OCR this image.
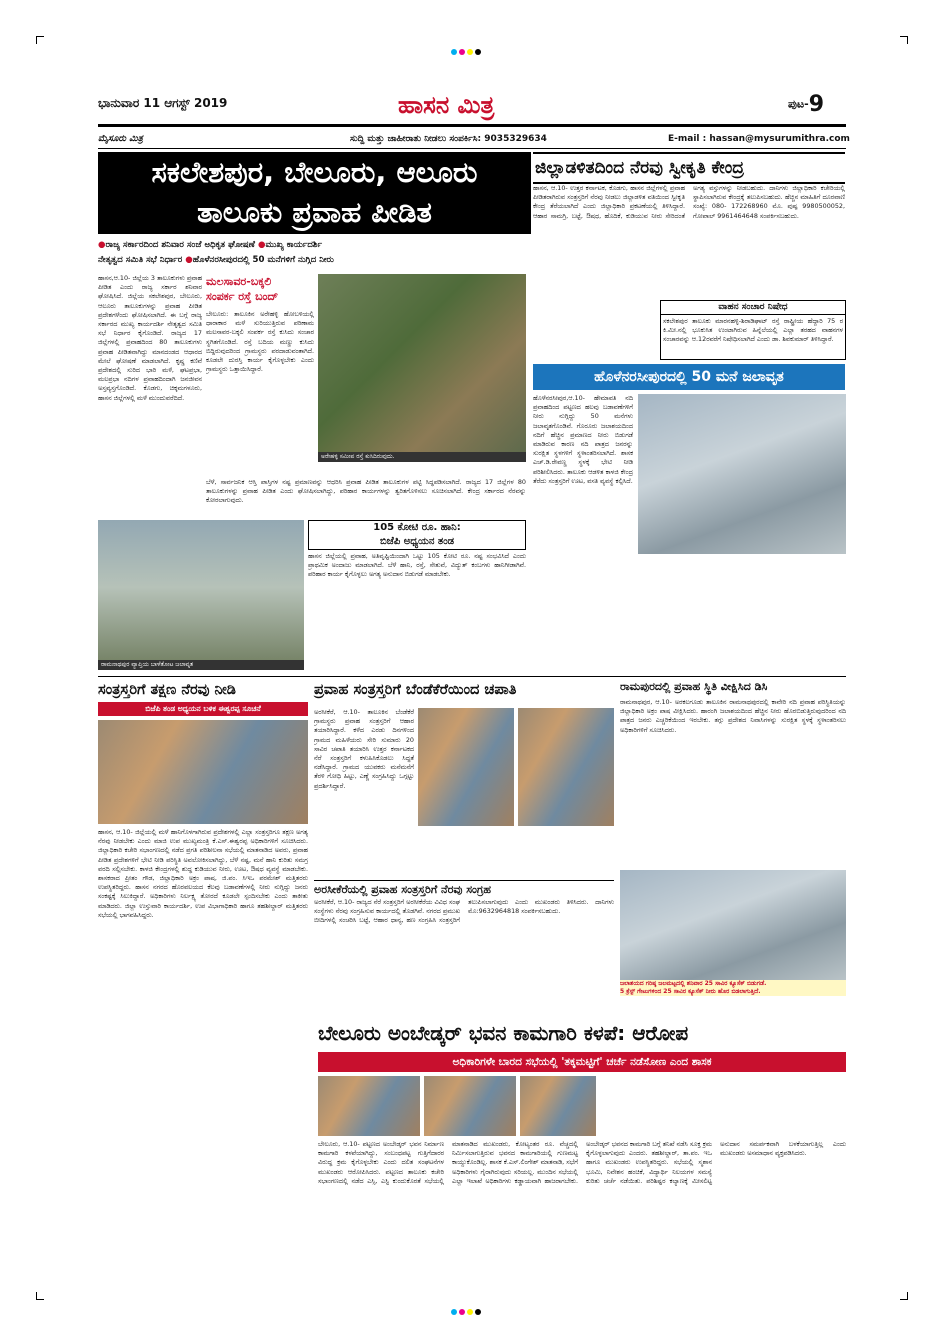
ಭಾನುವಾರ 11 ಆಗಸ್ಟ್ 2019	ಹಾಸನ ಮಿತ್ರ	ಪುಟ-9
ಮೈಸೂರು ಮಿತ್ರ	ಸುದ್ದಿ ಮತ್ತು ಜಾಹೀರಾತು ನೀಡಲು ಸಂಪರ್ಕಿಸಿ: 9035329634	E-mail : hassan@mysurumithra.com
ಸಕಲೇಶಪುರ, ಬೇಲೂರು, ಆಲೂರು
ತಾಲೂಕು ಪ್ರವಾಹ ಪೀಡಿತ
●ರಾಜ್ಯ ಸರ್ಕಾರದಿಂದ ಶನಿವಾರ ಸಂಜೆ ಅಧಿಕೃತ ಘೋಷಣೆ ●ಮುಖ್ಯ ಕಾರ್ಯದರ್ಶಿ
ನೇತೃತ್ವದ ಸಮಿತಿ ಸಭೆ ನಿರ್ಧಾರ ●ಹೊಳೆನರಸೀಪುರದಲ್ಲಿ 50 ಮನೆಗಳಿಗೆ ನುಗ್ಗಿದ ನೀರು
ಹಾಸನ,ಆ.10- ಜಿಲ್ಲೆಯ 3 ತಾಲೂಕುಗಳು ಪ್ರವಾಹ ಪೀಡಿತ ಎಂದು ರಾಜ್ಯ ಸರ್ಕಾರ ಶನಿವಾರ ಘೋಷಿಸಿದೆ. ಜಿಲ್ಲೆಯ ಸಕಲೇಶಪುರ, ಬೇಲೂರು, ಆಲೂರು ತಾಲೂಕುಗಳನ್ನು ಪ್ರವಾಹ ಪೀಡಿತ ಪ್ರದೇಶಗಳೆಂದು ಘೋಷಿಸಲಾಗಿದೆ. ಈ ಬಗ್ಗೆ ರಾಜ್ಯ ಸರ್ಕಾರದ ಮುಖ್ಯ ಕಾರ್ಯದರ್ಶಿ ನೇತೃತ್ವದ ಸಮಿತಿ ಸಭೆ ನಿರ್ಧಾರ ಕೈಗೊಂಡಿದೆ. ರಾಜ್ಯದ 17 ಜಿಲ್ಲೆಗಳಲ್ಲಿ ಪ್ರವಾಹದಿಂದ 80 ತಾಲೂಕುಗಳು ಪ್ರವಾಹ ಪೀಡಿತವಾಗಿದ್ದು ಮಾನದಂಡದ ಆಧಾರದ ಮೇಲೆ ಘೋಷಣೆ ಮಾಡಲಾಗಿದೆ. ಕೃಷ್ಣ ಕಣಿವೆ ಪ್ರದೇಶದಲ್ಲಿ ಸುರಿದ ಭಾರಿ ಮಳೆ, ಘಟಪ್ರಭಾ, ಮಲಪ್ರಭಾ ನದಿಗಳ ಪ್ರವಾಹದಿಂದಾಗಿ ಜನಜೀವನ ಅಸ್ತವ್ಯಸ್ತಗೊಂಡಿದೆ. ಕೊಡಗು, ಚಿಕ್ಕಮಗಳೂರು, ಹಾಸನ ಜಿಲ್ಲೆಗಳಲ್ಲಿ ಮಳೆ ಮುಂದುವರೆದಿದೆ.
ಮಲಸಾವರ-ಬಕ್ಕಲಿ
ಸಂಪರ್ಕ ರಸ್ತೆ ಬಂದ್
ಬೇಲೂರು: ತಾಲೂಕಿನ ಅರೇಹಳ್ಳಿ ಹೋಬಳಿಯಲ್ಲಿ ಧಾರಾಕಾರ ಮಳೆ ಸುರಿಯುತ್ತಿರುವ ಪರಿಣಾಮ ಮಲಸಾವರ-ಬಕ್ಕಲಿ ಸಂಪರ್ಕ ರಸ್ತೆ ಕುಸಿದು ಸಂಚಾರ ಸ್ಥಗಿತಗೊಂಡಿದೆ. ರಸ್ತೆ ಬದಿಯ ಮಣ್ಣು ಕುಸಿದು ಬಿದ್ದಿರುವುದರಿಂದ ಗ್ರಾಮಸ್ಥರು ಪರದಾಡುವಂತಾಗಿದೆ. ಕೂಡಲೇ ದುರಸ್ತಿ ಕಾರ್ಯ ಕೈಗೊಳ್ಳಬೇಕು ಎಂದು ಗ್ರಾಮಸ್ಥರು ಒತ್ತಾಯಿಸಿದ್ದಾರೆ.
ಅರೇಹಳ್ಳಿ ಸಮೀಪ ರಸ್ತೆ ಕುಸಿದಿರುವುದು.
ಬೆಳೆ, ಸಾರ್ವಜನಿಕ ಆಸ್ತಿ ಪಾಸ್ತಿಗಳ ನಷ್ಟ ಪ್ರಮಾಣವನ್ನು ಆಧರಿಸಿ ಪ್ರವಾಹ ಪೀಡಿತ ತಾಲೂಕುಗಳ ಪಟ್ಟಿ ಸಿದ್ಧಪಡಿಸಲಾಗಿದೆ. ರಾಜ್ಯದ 17 ಜಿಲ್ಲೆಗಳ 80 ತಾಲೂಕುಗಳನ್ನು ಪ್ರವಾಹ ಪೀಡಿತ ಎಂದು ಘೋಷಿಸಲಾಗಿದ್ದು, ಪರಿಹಾರ ಕಾರ್ಯಗಳನ್ನು ತ್ವರಿತಗೊಳಿಸಲು ಸೂಚಿಸಲಾಗಿದೆ. ಕೇಂದ್ರ ಸರ್ಕಾರದ ನೆರವನ್ನು ಕೋರಲಾಗುವುದು.
ರಾಮನಾಥಪುರ ವ್ಯಾಪ್ತಿಯ ಬಾಳೆತೋಟ ಜಲಾವೃತ
105 ಕೋಟಿ ರೂ. ಹಾನಿ:
ಬಿಜೆಪಿ ಅಧ್ಯಯನ ತಂಡ
ಹಾಸನ ಜಿಲ್ಲೆಯಲ್ಲಿ ಪ್ರವಾಹ, ಅತಿವೃಷ್ಟಿಯಿಂದಾಗಿ ಒಟ್ಟು 105 ಕೋಟಿ ರೂ. ನಷ್ಟ ಸಂಭವಿಸಿದೆ ಎಂದು ಪ್ರಾಥಮಿಕ ಅಂದಾಜು ಮಾಡಲಾಗಿದೆ. ಬೆಳೆ ಹಾನಿ, ರಸ್ತೆ, ಸೇತುವೆ, ವಿದ್ಯುತ್ ಕಂಬಗಳು ಹಾನಿಗೀಡಾಗಿವೆ. ಪರಿಹಾರ ಕಾರ್ಯ ಕೈಗೊಳ್ಳಲು ಅಗತ್ಯ ಅನುದಾನ ಬಿಡುಗಡೆ ಮಾಡಬೇಕು.
ಜಿಲ್ಲಾಡಳಿತದಿಂದ ನೆರವು ಸ್ವೀಕೃತಿ ಕೇಂದ್ರ
ಹಾಸನ, ಆ.10- ಉತ್ತರ ಕರ್ನಾಟಕ, ಕೊಡಗು, ಹಾಸನ ಜಿಲ್ಲೆಗಳಲ್ಲಿ ಪ್ರವಾಹ ಪೀಡಿತರಾಗಿರುವ ಸಂತ್ರಸ್ತರಿಗೆ ನೆರವು ನೀಡಲು ಜಿಲ್ಲಾಡಳಿತ ವತಿಯಿಂದ ಸ್ವೀಕೃತಿ ಕೇಂದ್ರ ತೆರೆಯಲಾಗಿದೆ ಎಂದು ಜಿಲ್ಲಾಧಿಕಾರಿ ಪ್ರಕಟಣೆಯಲ್ಲಿ ತಿಳಿಸಿದ್ದಾರೆ. ಆಹಾರ ಸಾಮಗ್ರಿ, ಬಟ್ಟೆ, ಔಷಧ, ಹೊದಿಕೆ, ಕುಡಿಯುವ ನೀರು ಸೇರಿದಂತೆ ಅಗತ್ಯ ವಸ್ತುಗಳನ್ನು ನೀಡಬಹುದು. ದಾನಿಗಳು ಜಿಲ್ಲಾಧಿಕಾರಿ ಕಚೇರಿಯಲ್ಲಿ ಸ್ಥಾಪಿಸಲಾಗಿರುವ ಕೇಂದ್ರಕ್ಕೆ ತಲುಪಿಸಬಹುದು. ಹೆಚ್ಚಿನ ಮಾಹಿತಿಗೆ ದೂರವಾಣಿ ಸಂಖ್ಯೆ: 080- 172268960 ಮೊ. ಪುಷ್ಪ 9980500052, ಗೋಪಾಲ್ 9961464648 ಸಂಪರ್ಕಿಸಬಹುದು.
ವಾಹನ ಸಂಚಾರ ನಿಷೇಧ
ಸಕಲೇಶಪುರ ತಾಲೂಕು ಮಾರನಹಳ್ಳಿ-ಶಿರಾಡಿಘಾಟ್ ರಸ್ತೆ ರಾಷ್ಟ್ರೀಯ ಹೆದ್ದಾರಿ 75 ರ ಕಿ.ಮೀ.ನಲ್ಲಿ ಭೂಕುಸಿತ ಉಂಟಾಗಿರುವ ಹಿನ್ನೆಲೆಯಲ್ಲಿ ಎಲ್ಲಾ ತರಹದ ವಾಹನಗಳ ಸಂಚಾರವನ್ನು ಆ.12ರವರೆಗೆ ನಿಷೇಧಿಸಲಾಗಿದೆ ಎಂದು ಡಾ. ಶಿವಕುಮಾರ್ ತಿಳಿಸಿದ್ದಾರೆ.
ಹೊಳೆನರಸೀಪುರದಲ್ಲಿ 50 ಮನೆ ಜಲಾವೃತ
ಹೊಳೆನರಸೀಪುರ,ಆ.10- ಹೇಮಾವತಿ ನದಿ ಪ್ರವಾಹದಿಂದ ಪಟ್ಟಣದ ಹಲವು ಬಡಾವಣೆಗಳಿಗೆ ನೀರು ನುಗ್ಗಿದ್ದು 50 ಮನೆಗಳು ಜಲಾವೃತಗೊಂಡಿವೆ. ಗೊರೂರು ಜಲಾಶಯದಿಂದ ನದಿಗೆ ಹೆಚ್ಚಿನ ಪ್ರಮಾಣದ ನೀರು ಬಿಡುಗಡೆ ಮಾಡಿರುವ ಕಾರಣ ನದಿ ಪಾತ್ರದ ಜನರನ್ನು ಸುರಕ್ಷಿತ ಸ್ಥಳಗಳಿಗೆ ಸ್ಥಳಾಂತರಿಸಲಾಗಿದೆ. ಶಾಸಕ ಎಚ್.ಡಿ.ರೇವಣ್ಣ ಸ್ಥಳಕ್ಕೆ ಭೇಟಿ ನೀಡಿ ಪರಿಶೀಲಿಸಿದರು. ತಾಲೂಕು ಆಡಳಿತ ಕಾಳಜಿ ಕೇಂದ್ರ ತೆರೆದು ಸಂತ್ರಸ್ತರಿಗೆ ಊಟ, ವಸತಿ ವ್ಯವಸ್ಥೆ ಕಲ್ಪಿಸಿದೆ.
ಸಂತ್ರಸ್ತರಿಗೆ ತಕ್ಷಣ ನೆರವು ನೀಡಿ
ಬಿಜೆಪಿ ತಂಡ ಅಧ್ಯಯನ ಬಳಿಕ ಈಶ್ವರಪ್ಪ ಸೂಚನೆ
ಹಾಸನ, ಆ.10- ಜಿಲ್ಲೆಯಲ್ಲಿ ಮಳೆ ಹಾನಿಗೊಳಗಾಗಿರುವ ಪ್ರದೇಶಗಳಲ್ಲಿ ಎಲ್ಲಾ ಸಂತ್ರಸ್ತರಿಗೂ ತಕ್ಷಣ ಅಗತ್ಯ ನೆರವು ನೀಡಬೇಕು ಎಂದು ಮಾಜಿ ಉಪ ಮುಖ್ಯಮಂತ್ರಿ ಕೆ.ಎಸ್.ಈಶ್ವರಪ್ಪ ಅಧಿಕಾರಿಗಳಿಗೆ ಸೂಚಿಸಿದರು. ಜಿಲ್ಲಾಧಿಕಾರಿ ಕಚೇರಿ ಸಭಾಂಗಣದಲ್ಲಿ ನಡೆದ ಪ್ರಗತಿ ಪರಿಶೀಲನಾ ಸಭೆಯಲ್ಲಿ ಮಾತನಾಡಿದ ಅವರು, ಪ್ರವಾಹ ಪೀಡಿತ ಪ್ರದೇಶಗಳಿಗೆ ಭೇಟಿ ನೀಡಿ ಪರಿಸ್ಥಿತಿ ಅವಲೋಕಿಸಲಾಗಿದ್ದು, ಬೆಳೆ ನಷ್ಟ, ಮನೆ ಹಾನಿ ಕುರಿತು ಸಮಗ್ರ ವರದಿ ಸಲ್ಲಿಸಬೇಕು. ಕಾಳಜಿ ಕೇಂದ್ರಗಳಲ್ಲಿ ಶುದ್ಧ ಕುಡಿಯುವ ನೀರು, ಊಟ, ಔಷಧ ವ್ಯವಸ್ಥೆ ಮಾಡಬೇಕು. ಶಾಸಕರಾದ ಪ್ರೀತಂ ಗೌಡ, ಜಿಲ್ಲಾಧಿಕಾರಿ ಅಕ್ರಂ ಪಾಷ, ಜಿ.ಪಂ. ಸಿಇಒ ಪರಮೇಶ್ ಮತ್ತಿತರರು ಉಪಸ್ಥಿತರಿದ್ದರು. ಹಾಸನ ನಗರದ ಹೊರವಲಯದ ಕೆಲವು ಬಡಾವಣೆಗಳಲ್ಲಿ ನೀರು ನುಗ್ಗಿದ್ದು ಜನರು ಸಂಕಷ್ಟಕ್ಕೆ ಸಿಲುಕಿದ್ದಾರೆ. ಅಧಿಕಾರಿಗಳು ನಿರ್ಲಕ್ಷ್ಯ ತೋರದೆ ಕೂಡಲೇ ಸ್ಪಂದಿಸಬೇಕು ಎಂದು ತಾಕೀತು ಮಾಡಿದರು. ಜಿಲ್ಲಾ ಉಸ್ತುವಾರಿ ಕಾರ್ಯದರ್ಶಿ, ಉಪ ವಿಭಾಗಾಧಿಕಾರಿ ಹಾಗೂ ತಹಶೀಲ್ದಾರ್ ಮತ್ತಿತರರು ಸಭೆಯಲ್ಲಿ ಭಾಗವಹಿಸಿದ್ದರು.
ಪ್ರವಾಹ ಸಂತ್ರಸ್ತರಿಗೆ ಬೆಂಡೆಕೆರೆಯಿಂದ ಚಪಾತಿ
ಅರಸೀಕೆರೆ, ಆ.10- ತಾಲೂಕಿನ ಬೆಂಡೆಕೆರೆ ಗ್ರಾಮಸ್ಥರು ಪ್ರವಾಹ ಸಂತ್ರಸ್ತರಿಗೆ ಆಹಾರ ತಯಾರಿಸಿದ್ದಾರೆ. ಕಳೆದ ಎರಡು ದಿನಗಳಿಂದ ಗ್ರಾಮದ ಮಹಿಳೆಯರು ಸೇರಿ ಸುಮಾರು 20 ಸಾವಿರ ಚಪಾತಿ ತಯಾರಿಸಿ ಉತ್ತರ ಕರ್ನಾಟಕದ ನೆರೆ ಸಂತ್ರಸ್ತರಿಗೆ ಕಳುಹಿಸಿಕೊಡಲು ಸಿದ್ಧತೆ ನಡೆಸಿದ್ದಾರೆ. ಗ್ರಾಮದ ಯುವಕರು ಮನೆಮನೆಗೆ ತೆರಳಿ ಗೋಧಿ ಹಿಟ್ಟು, ಎಣ್ಣೆ ಸಂಗ್ರಹಿಸಿದ್ದು ಒಗ್ಗಟ್ಟು ಪ್ರದರ್ಶಿಸಿದ್ದಾರೆ.
ಅರಸೀಕೆರೆಯಲ್ಲಿ ಪ್ರವಾಹ ಸಂತ್ರಸ್ತರಿಗೆ ನೆರವು ಸಂಗ್ರಹ
ಅರಸೀಕೆರೆ, ಆ.10- ರಾಜ್ಯದ ನೆರೆ ಸಂತ್ರಸ್ತರಿಗೆ ಅರಸೀಕೆರೆಯ ವಿವಿಧ ಸಂಘ ಸಂಸ್ಥೆಗಳು ನೆರವು ಸಂಗ್ರಹಿಸುವ ಕಾರ್ಯದಲ್ಲಿ ತೊಡಗಿವೆ. ನಗರದ ಪ್ರಮುಖ ಬೀದಿಗಳಲ್ಲಿ ಸಂಚರಿಸಿ ಬಟ್ಟೆ, ಆಹಾರ ಧಾನ್ಯ, ಹಣ ಸಂಗ್ರಹಿಸಿ ಸಂತ್ರಸ್ತರಿಗೆ ತಲುಪಿಸಲಾಗುವುದು ಎಂದು ಮುಖಂಡರು ತಿಳಿಸಿದರು. ದಾನಿಗಳು ಮೊ:9632964818 ಸಂಪರ್ಕಿಸಬಹುದು.
ರಾಮಪುರದಲ್ಲಿ ಪ್ರವಾಹ ಸ್ಥಿತಿ ವೀಕ್ಷಿಸಿದ ಡಿಸಿ
ರಾಮನಾಥಪುರ, ಆ.10- ಅರಕಲಗೂಡು ತಾಲೂಕಿನ ರಾಮನಾಥಪುರದಲ್ಲಿ ಕಾವೇರಿ ನದಿ ಪ್ರವಾಹ ಪರಿಸ್ಥಿತಿಯನ್ನು ಜಿಲ್ಲಾಧಿಕಾರಿ ಅಕ್ರಂ ಪಾಷ ವೀಕ್ಷಿಸಿದರು. ಹಾರಂಗಿ ಜಲಾಶಯದಿಂದ ಹೆಚ್ಚಿನ ನೀರು ಹೊರಬಿಡುತ್ತಿರುವುದರಿಂದ ನದಿ ಪಾತ್ರದ ಜನರು ಎಚ್ಚರಿಕೆಯಿಂದ ಇರಬೇಕು. ತಗ್ಗು ಪ್ರದೇಶದ ನಿವಾಸಿಗಳನ್ನು ಸುರಕ್ಷಿತ ಸ್ಥಳಕ್ಕೆ ಸ್ಥಳಾಂತರಿಸಲು ಅಧಿಕಾರಿಗಳಿಗೆ ಸೂಚಿಸಿದರು.
ಜಲಾಶಯದ ಗರಿಷ್ಠ ಜಲಮಟ್ಟದಲ್ಲಿ ಶನಿವಾರ 25 ಸಾವಿರ ಕ್ಯೂಸೆಕ್ ಬಿಡುಗಡೆ.
5 ಕ್ರೆಸ್ಟ್ ಗೇಟುಗಳಿಂದ 25 ಸಾವಿರ ಕ್ಯೂಸೆಕ್ ನೀರು ಹೊರ ಬಿಡಲಾಗುತ್ತಿದೆ.
ಬೇಲೂರು ಅಂಬೇಡ್ಕರ್ ಭವನ ಕಾಮಗಾರಿ ಕಳಪೆ: ಆರೋಪ
ಅಧಿಕಾರಿಗಳೇ ಬಾರದ ಸಭೆಯಲ್ಲಿ 'ತಕ್ಕಮಟ್ಟಿಗೆ' ಚರ್ಚೆ ನಡೆಸೋಣ ಎಂದ ಶಾಸಕ
ಬೇಲೂರು, ಆ.10- ಪಟ್ಟಣದ ಅಂಬೇಡ್ಕರ್ ಭವನ ನಿರ್ಮಾಣ ಕಾಮಗಾರಿ ಕಳಪೆಯಾಗಿದ್ದು, ಸಂಬಂಧಪಟ್ಟ ಗುತ್ತಿಗೆದಾರರ ವಿರುದ್ಧ ಕ್ರಮ ಕೈಗೊಳ್ಳಬೇಕು ಎಂದು ದಲಿತ ಸಂಘಟನೆಗಳ ಮುಖಂಡರು ಆರೋಪಿಸಿದರು. ಪಟ್ಟಣದ ತಾಲೂಕು ಕಚೇರಿ ಸಭಾಂಗಣದಲ್ಲಿ ನಡೆದ ಎಸ್ಸಿ, ಎಸ್ಟಿ ಕುಂದುಕೊರತೆ ಸಭೆಯಲ್ಲಿ ಮಾತನಾಡಿದ ಮುಖಂಡರು, ಕೋಟ್ಯಂತರ ರೂ. ವೆಚ್ಚದಲ್ಲಿ ನಿರ್ಮಿಸಲಾಗುತ್ತಿರುವ ಭವನದ ಕಾಮಗಾರಿಯಲ್ಲಿ ಗುಣಮಟ್ಟ ಕಾಯ್ದುಕೊಂಡಿಲ್ಲ. ಶಾಸಕ ಕೆ.ಎಸ್.ಲಿಂಗೇಶ್ ಮಾತನಾಡಿ, ಸಭೆಗೆ ಅಧಿಕಾರಿಗಳು ಗೈರಾಗಿರುವುದು ಸರಿಯಲ್ಲ. ಮುಂದಿನ ಸಭೆಯಲ್ಲಿ ಎಲ್ಲಾ ಇಲಾಖೆ ಅಧಿಕಾರಿಗಳು ಕಡ್ಡಾಯವಾಗಿ ಹಾಜರಾಗಬೇಕು. ಅಂಬೇಡ್ಕರ್ ಭವನದ ಕಾಮಗಾರಿ ಬಗ್ಗೆ ತನಿಖೆ ನಡೆಸಿ ಸೂಕ್ತ ಕ್ರಮ ಕೈಗೊಳ್ಳಲಾಗುವುದು ಎಂದರು. ತಹಶೀಲ್ದಾರ್, ತಾ.ಪಂ. ಇಒ ಹಾಗೂ ಮುಖಂಡರು ಉಪಸ್ಥಿತರಿದ್ದರು. ಸಭೆಯಲ್ಲಿ ಸ್ಮಶಾನ ಭೂಮಿ, ನಿವೇಶನ ಹಂಚಿಕೆ, ವಿದ್ಯಾರ್ಥಿ ನಿಲಯಗಳ ಸಮಸ್ಯೆ ಕುರಿತು ಚರ್ಚೆ ನಡೆಯಿತು. ಪರಿಶಿಷ್ಟರ ಕಲ್ಯಾಣಕ್ಕೆ ಮೀಸಲಿಟ್ಟ ಅನುದಾನ ಸಮರ್ಪಕವಾಗಿ ಬಳಕೆಯಾಗುತ್ತಿಲ್ಲ ಎಂದು ಮುಖಂಡರು ಅಸಮಾಧಾನ ವ್ಯಕ್ತಪಡಿಸಿದರು.
